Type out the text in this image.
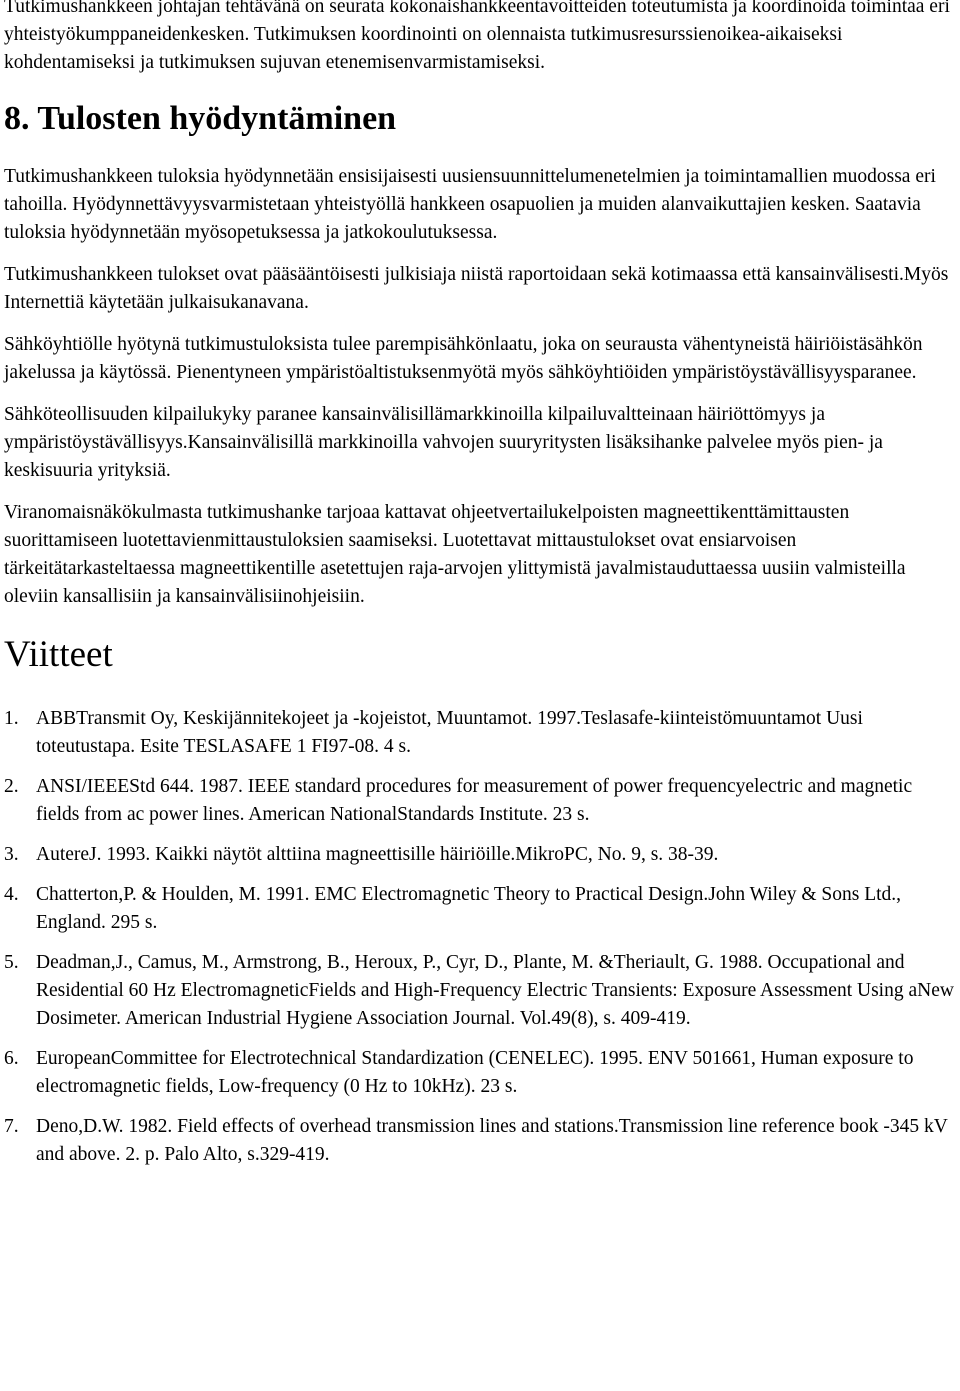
Tutkimushankkeen johtajan tehtävänä on seurata kokonaishankkeentavoitteiden toteutumista ja koordinoida toimintaa eri yhteistyökumppaneidenkesken. Tutkimuksen koordinointi on olennaista tutkimusresurssienoikea-aikaiseksi kohdentamiseksi ja tutkimuksen sujuvan etenemisenvarmistamiseksi.

8. Tulosten hyödyntäminen

Tutkimushankkeen tuloksia hyödynnetään ensisijaisesti uusiensuunnittelumenetelmien ja toimintamallien muodossa eri tahoilla. Hyödynnettävyysvarmistetaan yhteistyöllä hankkeen osapuolien ja muiden alanvaikuttajien kesken. Saatavia tuloksia hyödynnetään myösopetuksessa ja jatkokoulutuksessa.

Tutkimushankkeen tulokset ovat pääsääntöisesti julkisiaja niistä raportoidaan sekä kotimaassa että kansainvälisesti.Myös Internettiä käytetään julkaisukanavana.

Sähköyhtiölle hyötynä tutkimustuloksista tulee parempisähkönlaatu, joka on seurausta vähentyneistä häiriöistäsähkön jakelussa ja käytössä. Pienentyneen ympäristöaltistuksenmyötä myös sähköyhtiöiden ympäristöystävällisyysparanee.

Sähköteollisuuden kilpailukyky paranee kansainvälisillämarkkinoilla kilpailuvaltteinaan häiriöttömyys ja ympäristöystävällisyys.Kansainvälisillä markkinoilla vahvojen suuryritysten lisäksihanke palvelee myös pien- ja keskisuuria yrityksiä.

Viranomaisnäkökulmasta tutkimushanke tarjoaa kattavat ohjeetvertailukelpoisten magneettikenttämittausten suorittamiseen luotettavienmittaustuloksien saamiseksi. Luotettavat mittaustulokset ovat ensiarvoisen tärkeitätarkasteltaessa magneettikentille asetettujen raja-arvojen ylittymistä javalmistauduttaessa uusiin valmisteilla oleviin kansallisiin ja kansainvälisiinohjeisiin.

Viitteet
1. ABBTransmit Oy, Keskijännitekojeet ja -kojeistot, Muuntamot. 1997.Teslasafe-kiinteistömuuntamot Uusi toteutustapa. Esite TESLASAFE 1 FI97-08. 4 s.
2. ANSI/IEEEStd 644. 1987. IEEE standard procedures for measurement of power frequencyelectric and magnetic fields from ac power lines. American NationalStandards Institute. 23 s.
3. AutereJ. 1993. Kaikki näytöt alttiina magneettisille häiriöille.MikroPC, No. 9, s. 38-39.
4. Chatterton,P. & Houlden, M. 1991. EMC Electromagnetic Theory to Practical Design.John Wiley & Sons Ltd., England. 295 s.
5. Deadman,J., Camus, M., Armstrong, B., Heroux, P., Cyr, D., Plante, M. &Theriault, G. 1988. Occupational and Residential 60 Hz ElectromagneticFields and High-Frequency Electric Transients: Exposure Assessment Using aNew Dosimeter. American Industrial Hygiene Association Journal. Vol.49(8), s. 409-419.
6. EuropeanCommittee for Electrotechnical Standardization (CENELEC). 1995. ENV 501661, Human exposure to electromagnetic fields, Low-frequency (0 Hz to 10kHz). 23 s.
7. Deno,D.W. 1982. Field effects of overhead transmission lines and stations.Transmission line reference book -345 kV and above. 2. p. Palo Alto, s.329-419.
